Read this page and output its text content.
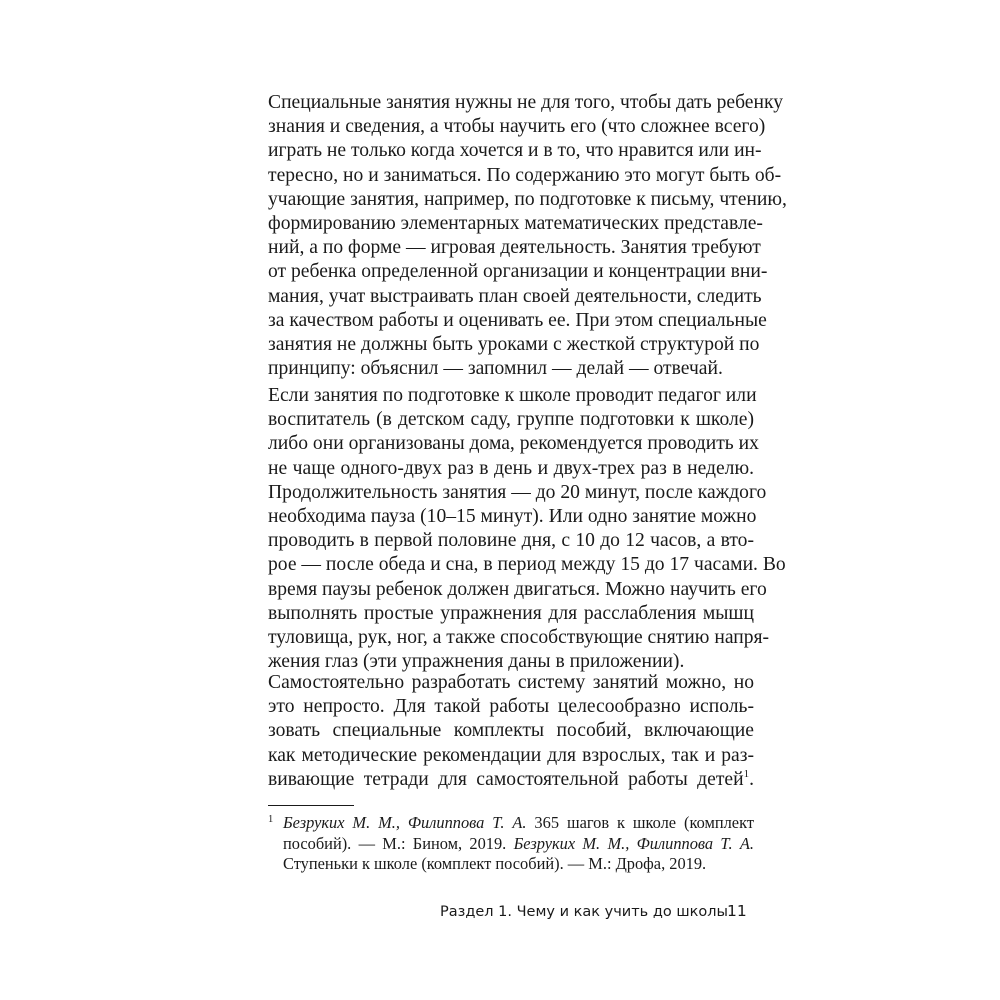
Специальные занятия нужны не для того, чтобы дать ребенку
знания и сведения, а чтобы научить его (что сложнее всего)
играть не только когда хочется и в то, что нравится или ин-
тересно, но и заниматься. По содержанию это могут быть об-
учающие занятия, например, по подготовке к письму, чтению,
формированию элементарных математических представле-
ний, а по форме — игровая деятельность. Занятия требуют
от ребенка определенной организации и концентрации вни-
мания, учат выстраивать план своей деятельности, следить
за качеством работы и оценивать ее. При этом специальные
занятия не должны быть уроками с жесткой структурой по
принципу: объяснил — запомнил — делай — отвечай.
Если занятия по подготовке к школе проводит педагог или
воспитатель (в детском саду, группе подготовки к школе)
либо они организованы дома, рекомендуется проводить их
не чаще одного-двух раз в день и двух-трех раз в неделю.
Продолжительность занятия — до 20 минут, после каждого
необходима пауза (10–15 минут). Или одно занятие можно
проводить в первой половине дня, с 10 до 12 часов, а вто-
рое — после обеда и сна, в период между 15 до 17 часами. Во
время паузы ребенок должен двигаться. Можно научить его
выполнять простые упражнения для расслабления мышц
туловища, рук, ног, а также способствующие снятию напря-
жения глаз (эти упражнения даны в приложении).
Самостоятельно разработать систему занятий можно, но
это непросто. Для такой работы целесообразно исполь-
зовать специальные комплекты пособий, включающие
как методические рекомендации для взрослых, так и раз-
вивающие тетради для самостоятельной работы детей$^1$.
1 Безруких М. М., Филиппова Т. А. 365 шагов к школе (комплект
пособий). — М.: Бином, 2019. Безруких М. М., Филиппова Т. А.
Ступеньки к школе (комплект пособий). — М.: Дрофа, 2019.
Раздел 1. Чему и как учить до школы 11
